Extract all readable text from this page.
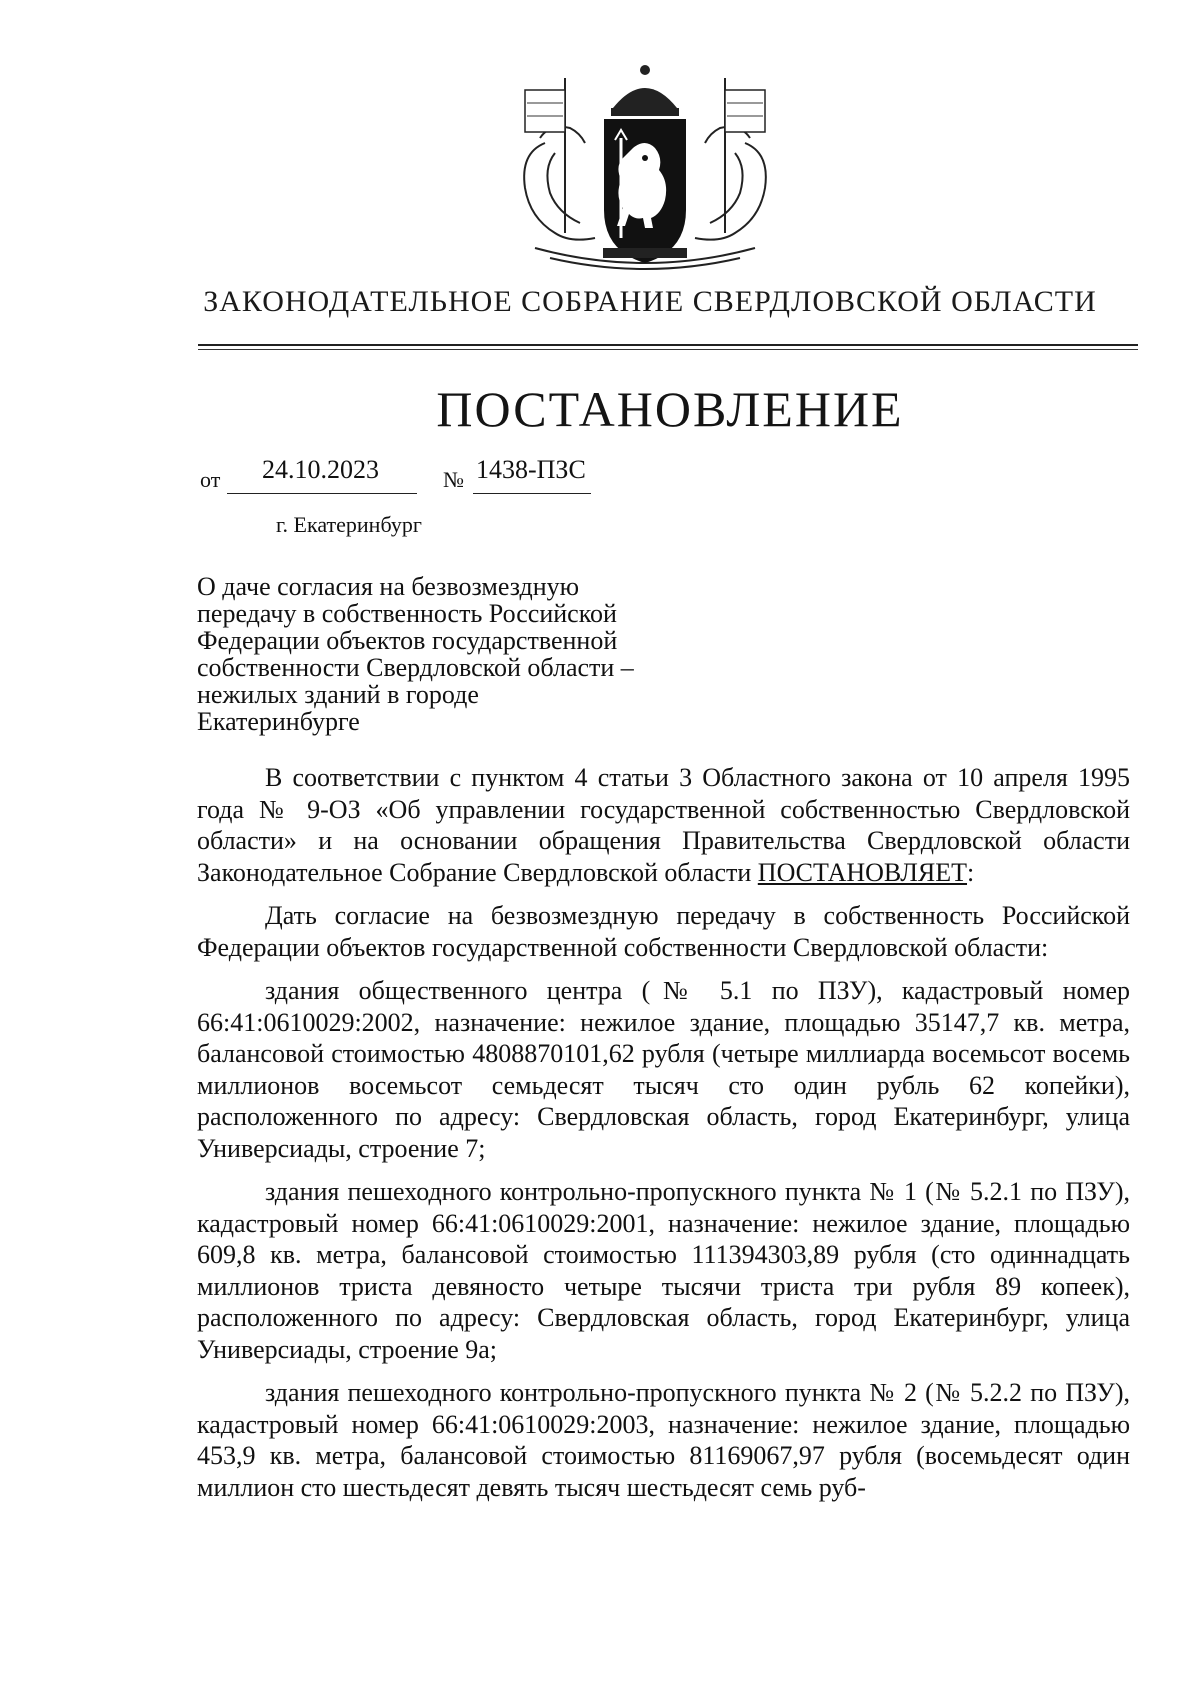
ЗАКОНОДАТЕЛЬНОЕ СОБРАНИЕ СВЕРДЛОВСКОЙ ОБЛАСТИ
ПОСТАНОВЛЕНИЕ
от 24.10.2023	№ 1438-ПЗС
г. Екатеринбург
О даче согласия на безвозмездную передачу в собственность Российской Федерации объектов государственной собственности Свердловской области – нежилых зданий в городе Екатеринбурге

В соответствии с пунктом 4 статьи 3 Областного закона от 10 апреля 1995 года № 9-ОЗ «Об управлении государственной собственностью Свердловской области» и на основании обращения Правительства Свердловской области Законодательное Собрание Свердловской области ПОСТАНОВЛЯЕТ:

Дать согласие на безвозмездную передачу в собственность Российской Федерации объектов государственной собственности Свердловской области:

здания общественного центра (№ 5.1 по ПЗУ), кадастровый номер 66:41:0610029:2002, назначение: нежилое здание, площадью 35147,7 кв. метра, балансовой стоимостью 4808870101,62 рубля (четыре миллиарда восемьсот восемь миллионов восемьсот семьдесят тысяч сто один рубль 62 копейки), расположенного по адресу: Свердловская область, город Екатеринбург, улица Универсиады, строение 7;

здания пешеходного контрольно-пропускного пункта № 1 (№ 5.2.1 по ПЗУ), кадастровый номер 66:41:0610029:2001, назначение: нежилое здание, площадью 609,8 кв. метра, балансовой стоимостью 111394303,89 рубля (сто одиннадцать миллионов триста девяносто четыре тысячи триста три рубля 89 копеек), расположенного по адресу: Свердловская область, город Екатеринбург, улица Универсиады, строение 9а;

здания пешеходного контрольно-пропускного пункта № 2 (№ 5.2.2 по ПЗУ), кадастровый номер 66:41:0610029:2003, назначение: нежилое здание, площадью 453,9 кв. метра, балансовой стоимостью 81169067,97 рубля (восемьдесят один миллион сто шестьдесят девять тысяч шестьдесят семь руб-
